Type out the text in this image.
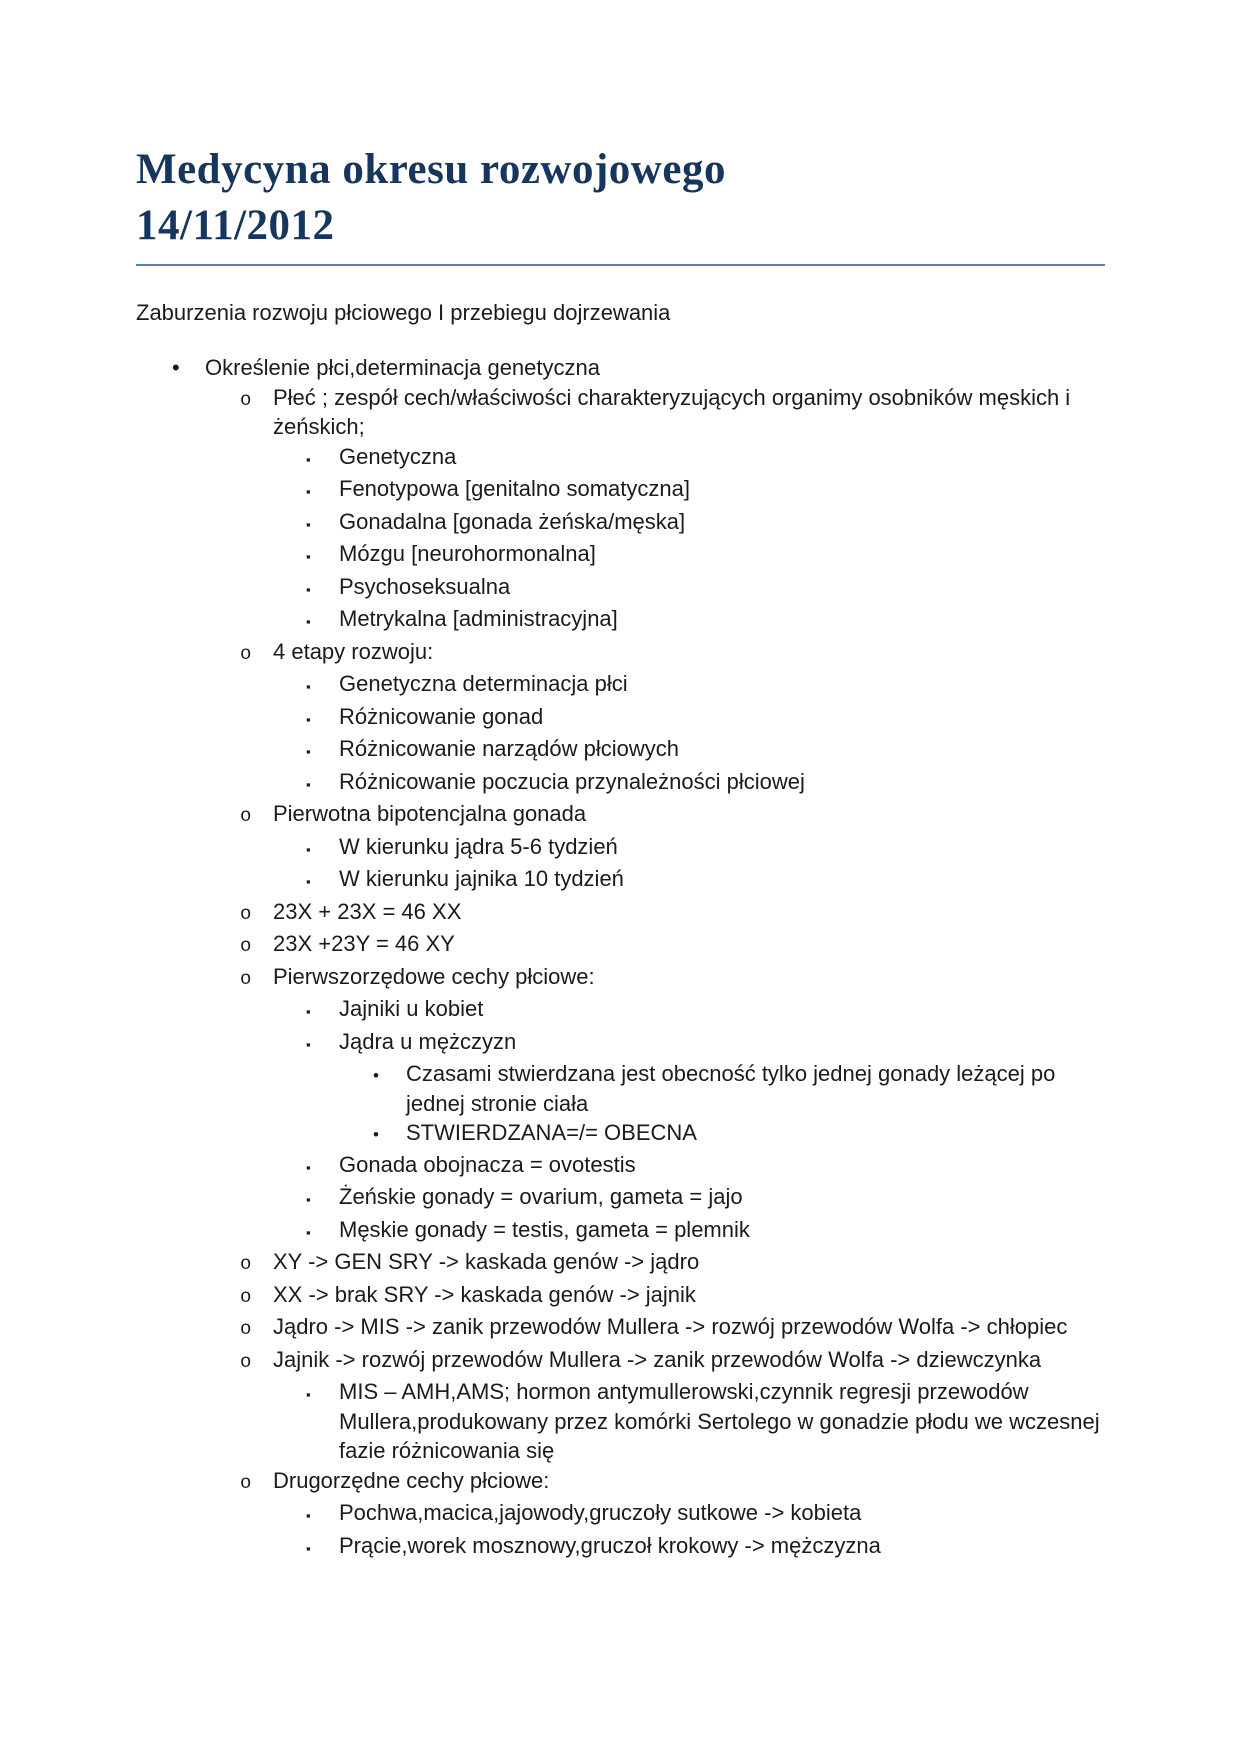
Medycyna okresu rozwojowego
14/11/2012

Zaburzenia rozwoju płciowego I przebiegu dojrzewania

•	Określenie płci,determinacja genetyczna
o Płeć ; zespół cech/właściwości charakteryzujących organimy osobników męskich i żeńskich;
▪	Genetyczna
▪	Fenotypowa [genitalno somatyczna]
▪	Gonadalna [gonada żeńska/męska]
▪	Mózgu [neurohormonalna]
▪	Psychoseksualna
▪	Metrykalna [administracyjna]
o 4 etapy rozwoju:
▪	Genetyczna determinacja płci
▪	Różnicowanie gonad
▪	Różnicowanie narządów płciowych
▪	Różnicowanie poczucia przynależności płciowej
o Pierwotna bipotencjalna gonada
▪	W kierunku jądra 5-6 tydzień
▪	W kierunku jajnika 10 tydzień
o 23X + 23X = 46 XX
o 23X +23Y = 46 XY
o Pierwszorzędowe cechy płciowe:
▪	Jajniki u kobiet
▪	Jądra u mężczyzn
•	Czasami stwierdzana jest obecność tylko jednej gonady leżącej po jednej stronie ciała
•	STWIERDZANA=/= OBECNA
▪	Gonada obojnacza = ovotestis
▪	Żeńskie gonady = ovarium, gameta = jajo
▪	Męskie gonady = testis, gameta = plemnik
o XY -> GEN SRY -> kaskada genów -> jądro
o XX -> brak SRY -> kaskada genów -> jajnik
o Jądro -> MIS -> zanik przewodów Mullera -> rozwój przewodów Wolfa -> chłopiec
o Jajnik -> rozwój przewodów Mullera -> zanik przewodów Wolfa -> dziewczynka
▪	MIS – AMH,AMS; hormon antymullerowski,czynnik regresji przewodów Mullera,produkowany przez komórki Sertolego w gonadzie płodu we wczesnej fazie różnicowania się
o Drugorzędne cechy płciowe:
▪	Pochwa,macica,jajowody,gruczoły sutkowe -> kobieta
▪	Prącie,worek mosznowy,gruczoł krokowy -> mężczyzna
